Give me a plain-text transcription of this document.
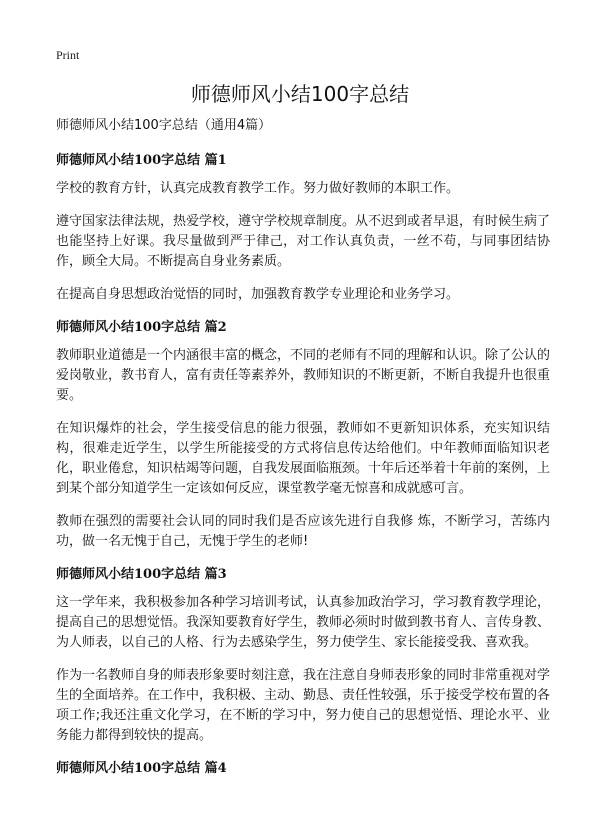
Print
师德师风小结100字总结

师德师风小结100字总结（通用4篇）

师德师风小结100字总结 篇1

学校的教育方针，认真完成教育教学工作。努力做好教师的本职工作。

遵守国家法律法规，热爱学校，遵守学校规章制度。从不迟到或者早退，有时候生病了也能坚持上好课。我尽量做到严于律己，对工作认真负责，一丝不苟，与同事团结协作，顾全大局。不断提高自身业务素质。

在提高自身思想政治觉悟的同时，加强教育教学专业理论和业务学习。

师德师风小结100字总结 篇2

教师职业道德是一个内涵很丰富的概念，不同的老师有不同的理解和认识。除了公认的爱岗敬业，教书育人，富有责任等素养外，教师知识的不断更新，不断自我提升也很重要。

在知识爆炸的社会，学生接受信息的能力很强，教师如不更新知识体系，充实知识结构，很难走近学生，以学生所能接受的方式将信息传达给他们。中年教师面临知识老化，职业倦怠，知识枯竭等问题，自我发展面临瓶颈。十年后还举着十年前的案例，上到某个部分知道学生一定该如何反应，课堂教学毫无惊喜和成就感可言。

教师在强烈的需要社会认同的同时我们是否应该先进行自我修 炼，不断学习，苦练内功，做一名无愧于自己，无愧于学生的老师!

师德师风小结100字总结 篇3

这一学年来，我积极参加各种学习培训考试，认真参加政治学习，学习教育教学理论，提高自己的思想觉悟。我深知要教育好学生，教师必须时时做到教书育人、言传身教、为人师表，以自己的人格、行为去感染学生，努力使学生、家长能接受我、喜欢我。

作为一名教师自身的师表形象要时刻注意，我在注意自身师表形象的同时非常重视对学生的全面培养。在工作中，我积极、主动、勤恳、责任性较强，乐于接受学校布置的各项工作;我还注重文化学习，在不断的学习中，努力使自己的思想觉悟、理论水平、业务能力都得到较快的提高。

师德师风小结100字总结 篇4
